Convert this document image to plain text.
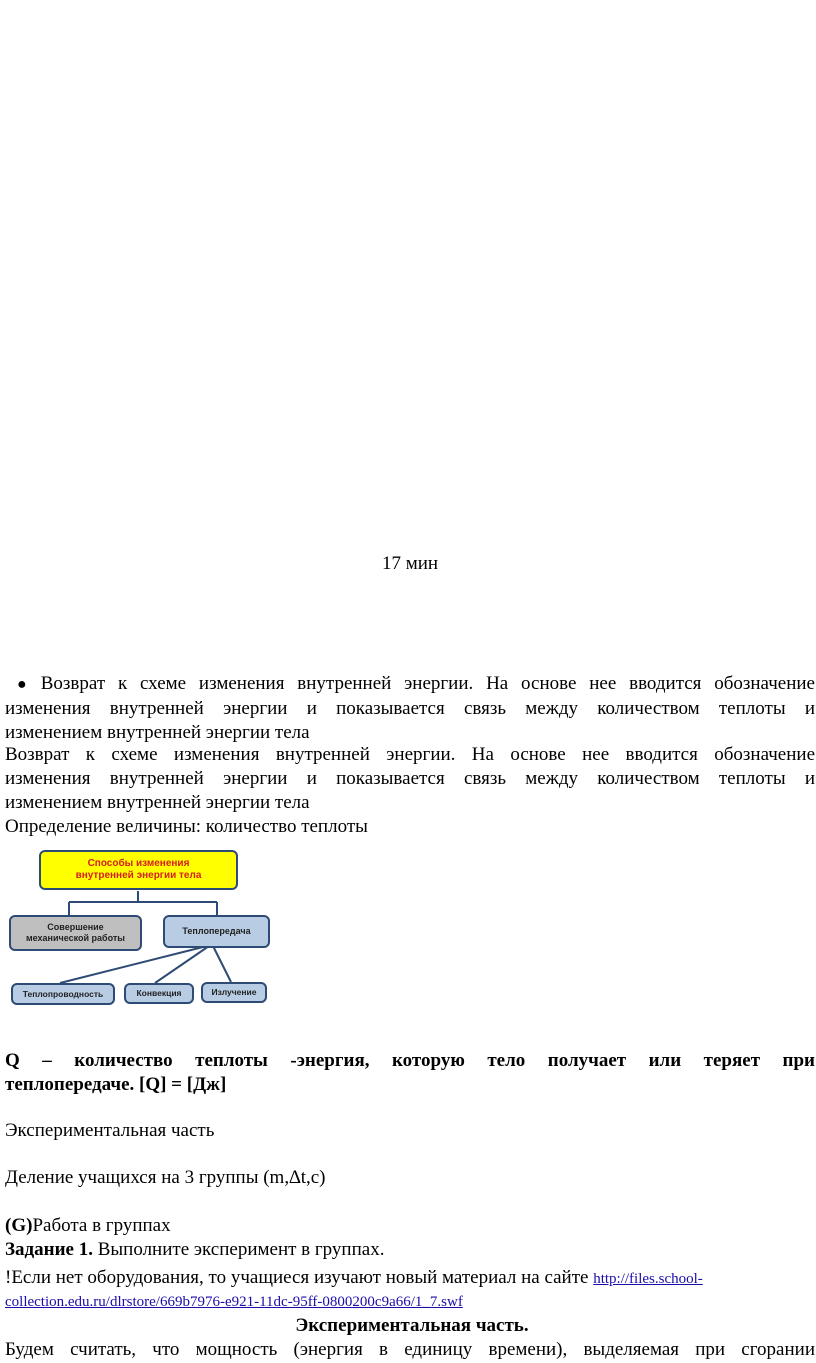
17 мин
● Возврат к схеме изменения внутренней энергии. На основе нее вводится обозначение
изменения внутренней энергии и показывается связь между количеством теплоты и
изменением внутренней энергии тела
Возврат к схеме изменения внутренней энергии. На основе нее вводится обозначение
изменения внутренней энергии и показывается связь между количеством теплоты и
изменением внутренней энергии тела
Определение величины: количество теплоты
Способы изменения внутренней энергии тела
Совершение механической работы
Теплопередача
Теплопроводность	Конвекция	Излучение
Q – количество теплоты -энергия, которую тело получает или теряет при
теплопередаче. [Q] = [Дж]
Экспериментальная часть
Деление учащихся на 3 группы (m,∆t,c)
(G)Работа в группах
Задание 1. Выполните эксперимент в группах.
!Если нет оборудования, то учащиеся изучают новый материал на сайте http://files.school-
collection.edu.ru/dlrstore/669b7976-e921-11dc-95ff-0800200c9a66/1_7.swf
Экспериментальная часть.
Будем считать, что мощность (энергия в единицу времени), выделяемая при сгорании
